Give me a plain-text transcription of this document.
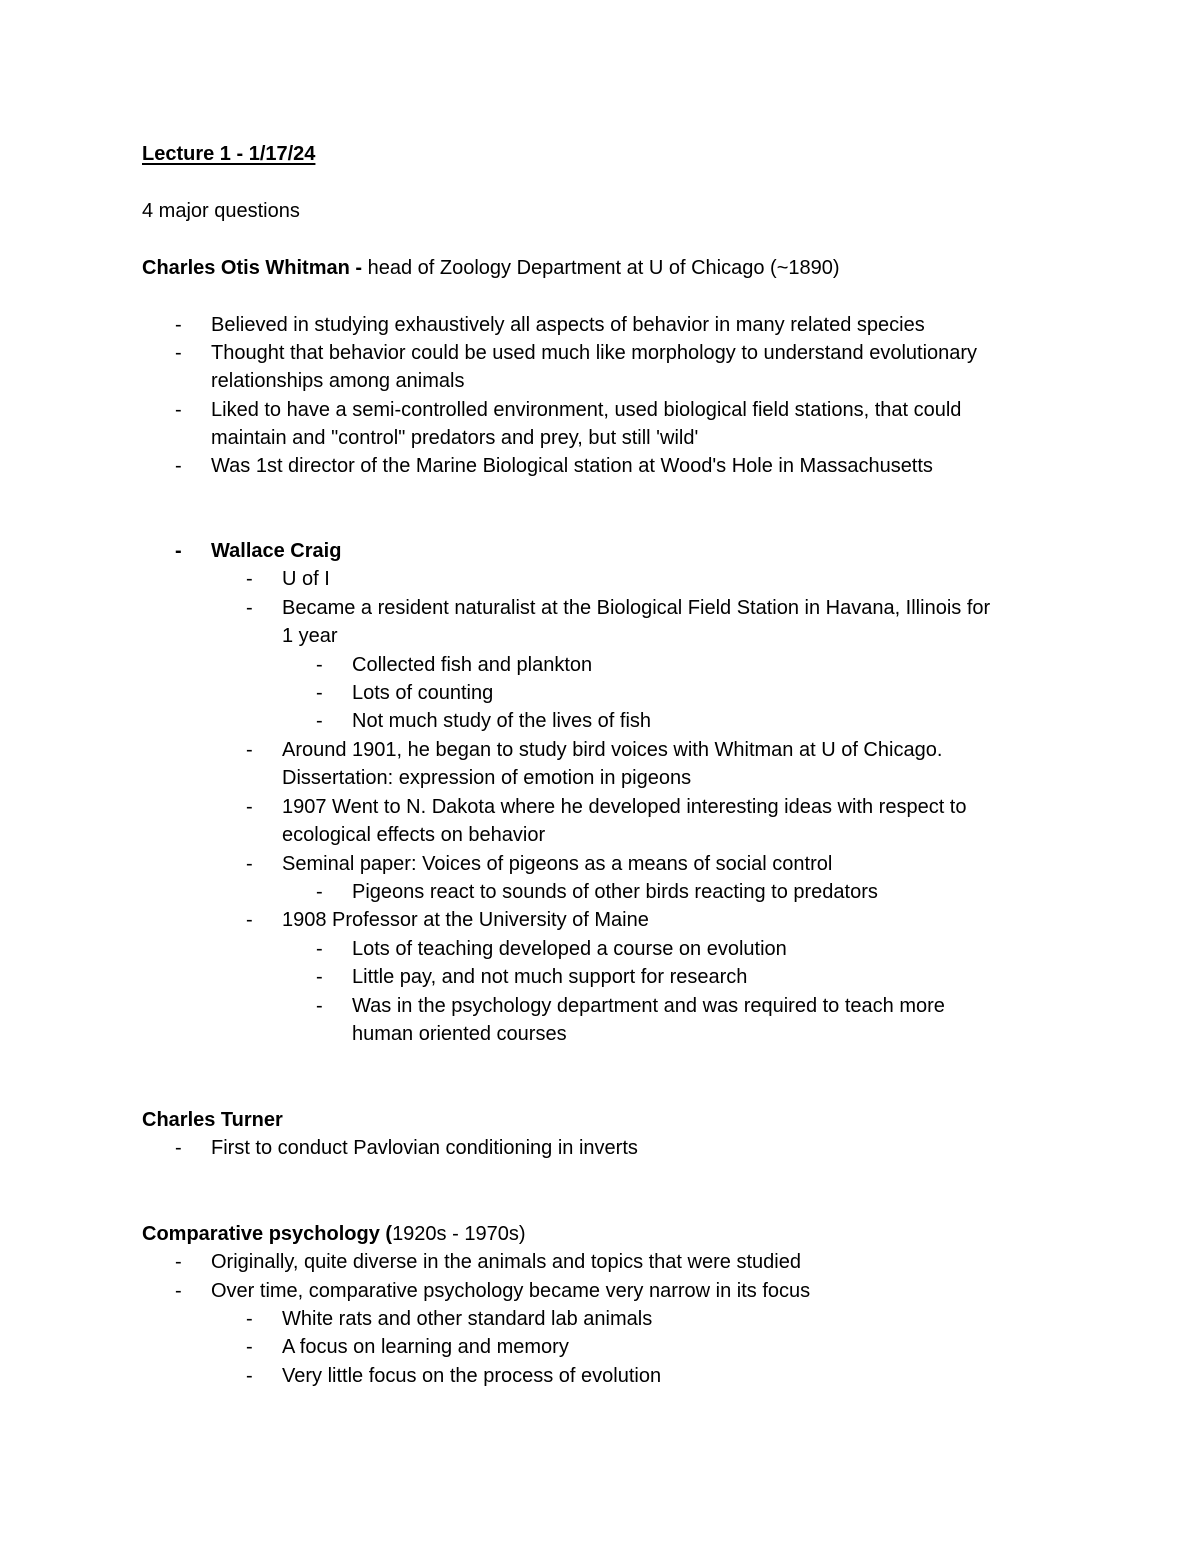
Lecture 1 - 1/17/24
4 major questions
Charles Otis Whitman - head of Zoology Department at U of Chicago (~1890)
- Believed in studying exhaustively all aspects of behavior in many related species
- Thought that behavior could be used much like morphology to understand evolutionary
relationships among animals
- Liked to have a semi-controlled environment, used biological field stations, that could
maintain and "control" predators and prey, but still 'wild'
- Was 1st director of the Marine Biological station at Wood's Hole in Massachusetts
- Wallace Craig
- U of I
- Became a resident naturalist at the Biological Field Station in Havana, Illinois for
1 year
- Collected fish and plankton
- Lots of counting
- Not much study of the lives of fish
- Around 1901, he began to study bird voices with Whitman at U of Chicago.
Dissertation: expression of emotion in pigeons
- 1907 Went to N. Dakota where he developed interesting ideas with respect to
ecological effects on behavior
- Seminal paper: Voices of pigeons as a means of social control
- Pigeons react to sounds of other birds reacting to predators
- 1908 Professor at the University of Maine
- Lots of teaching developed a course on evolution
- Little pay, and not much support for research
- Was in the psychology department and was required to teach more
human oriented courses
Charles Turner
- First to conduct Pavlovian conditioning in inverts
Comparative psychology (1920s - 1970s)
- Originally, quite diverse in the animals and topics that were studied
- Over time, comparative psychology became very narrow in its focus
- White rats and other standard lab animals
- A focus on learning and memory
- Very little focus on the process of evolution
